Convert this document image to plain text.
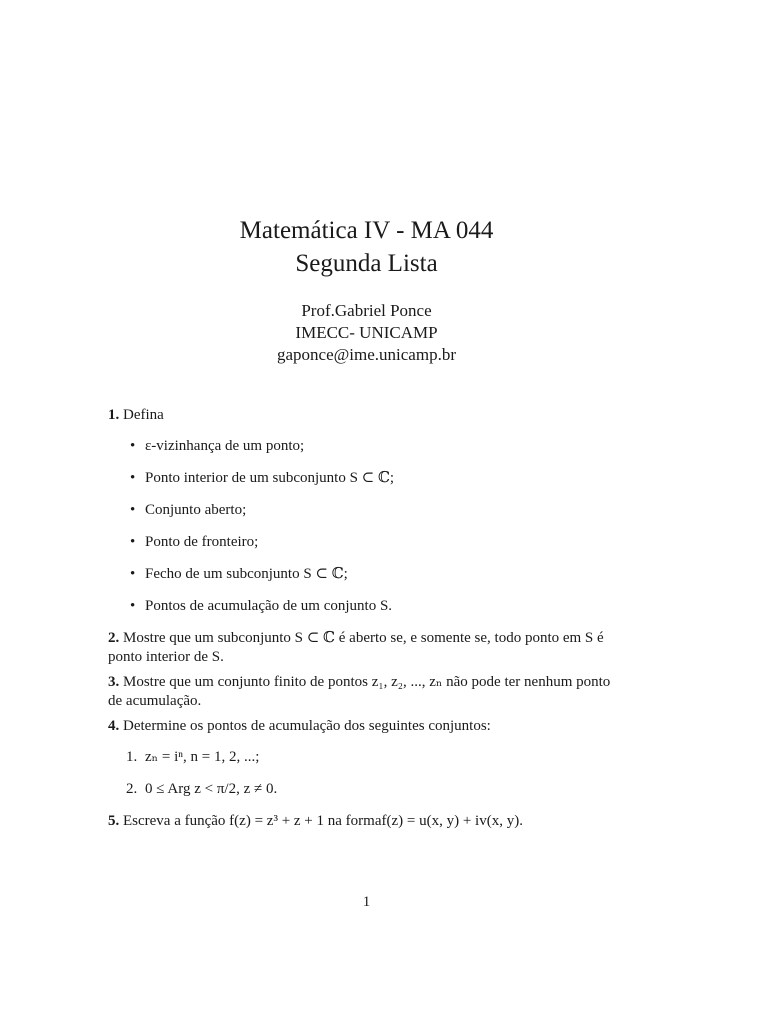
Matemática IV - MA 044
Segunda Lista
Prof.Gabriel Ponce
IMECC- UNICAMP
gaponce@ime.unicamp.br
1. Defina
• ε-vizinhança de um ponto;
• Ponto interior de um subconjunto S ⊂ ℂ;
• Conjunto aberto;
• Ponto de fronteiro;
• Fecho de um subconjunto S ⊂ ℂ;
• Pontos de acumulação de um conjunto S.
2. Mostre que um subconjunto S ⊂ ℂ é aberto se, e somente se, todo ponto em S é ponto interior de S.
3. Mostre que um conjunto finito de pontos z₁, z₂, ..., zₙ não pode ter nenhum ponto de acumulação.
4. Determine os pontos de acumulação dos seguintes conjuntos:
1. zₙ = iⁿ, n = 1, 2, ...;
2. 0 ≤ Arg z < π/2, z ≠ 0.
5. Escreva a função f(z) = z³ + z + 1 na formaf(z) = u(x, y) + iv(x, y).
1
